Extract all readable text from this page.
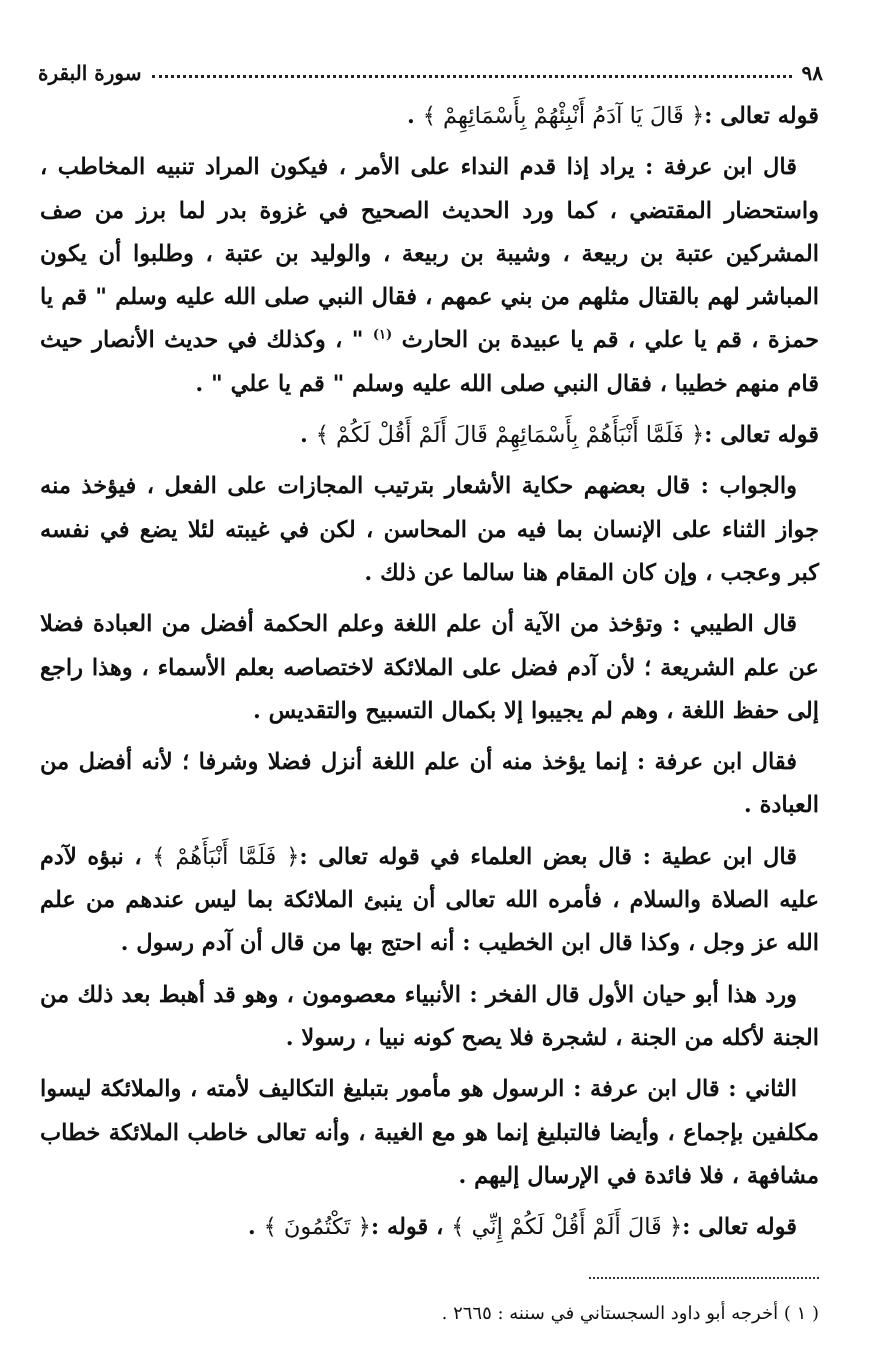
٩٨
سورة البقرة

قوله تعالى :﴿ قَالَ يَا آدَمُ أَنْبِئْهُمْ بِأَسْمَائِهِمْ ﴾ .

قال ابن عرفة : يراد إذا قدم النداء على الأمر ، فيكون المراد تنبيه المخاطب ، واستحضار المقتضي ، كما ورد الحديث الصحيح في غزوة بدر لما برز من صف المشركين عتبة بن ربيعة ، وشيبة بن ربيعة ، والوليد بن عتبة ، وطلبوا أن يكون المباشر لهم بالقتال مثلهم من بني عمهم ، فقال النبي صلى الله عليه وسلم " قم يا حمزة ، قم يا علي ، قم يا عبيدة بن الحارث $^{(١)}$ " ، وكذلك في حديث الأنصار حيث قام منهم خطيبا ، فقال النبي صلى الله عليه وسلم " قم يا علي " .

قوله تعالى :﴿ فَلَمَّا أَنْبَأَهُمْ بِأَسْمَائِهِمْ قَالَ أَلَمْ أَقُلْ لَكُمْ ﴾ .

والجواب : قال بعضهم حكاية الأشعار بترتيب المجازات على الفعل ، فيؤخذ منه جواز الثناء على الإنسان بما فيه من المحاسن ، لكن في غيبته لئلا يضع في نفسه كبر وعجب ، وإن كان المقام هنا سالما عن ذلك .

قال الطيبي : وتؤخذ من الآية أن علم اللغة وعلم الحكمة أفضل من العبادة فضلا عن علم الشريعة ؛ لأن آدم فضل على الملائكة لاختصاصه بعلم الأسماء ، وهذا راجع إلى حفظ اللغة ، وهم لم يجيبوا إلا بكمال التسبيح والتقديس .

فقال ابن عرفة : إنما يؤخذ منه أن علم اللغة أنزل فضلا وشرفا ؛ لأنه أفضل من العبادة .

قال ابن عطية : قال بعض العلماء في قوله تعالى :﴿ فَلَمَّا أَنْبَأَهُمْ ﴾ ، نبؤه لآدم عليه الصلاة والسلام ، فأمره الله تعالى أن ينبئ الملائكة بما ليس عندهم من علم الله عز وجل ، وكذا قال ابن الخطيب : أنه احتج بها من قال أن آدم رسول .

ورد هذا أبو حيان الأول قال الفخر : الأنبياء معصومون ، وهو قد أهبط بعد ذلك من الجنة لأكله من الجنة ، لشجرة فلا يصح كونه نبيا ، رسولا .

الثاني : قال ابن عرفة : الرسول هو مأمور بتبليغ التكاليف لأمته ، والملائكة ليسوا مكلفين بإجماع ، وأيضا فالتبليغ إنما هو مع الغيبة ، وأنه تعالى خاطب الملائكة خطاب مشافهة ، فلا فائدة في الإرسال إليهم .

قوله تعالى :﴿ قَالَ أَلَمْ أَقُلْ لَكُمْ إِنِّي ﴾ ، قوله :﴿ تَكْتُمُونَ ﴾ .

( ١ ) أخرجه أبو داود السجستاني في سننه : ٢٦٦٥ .
